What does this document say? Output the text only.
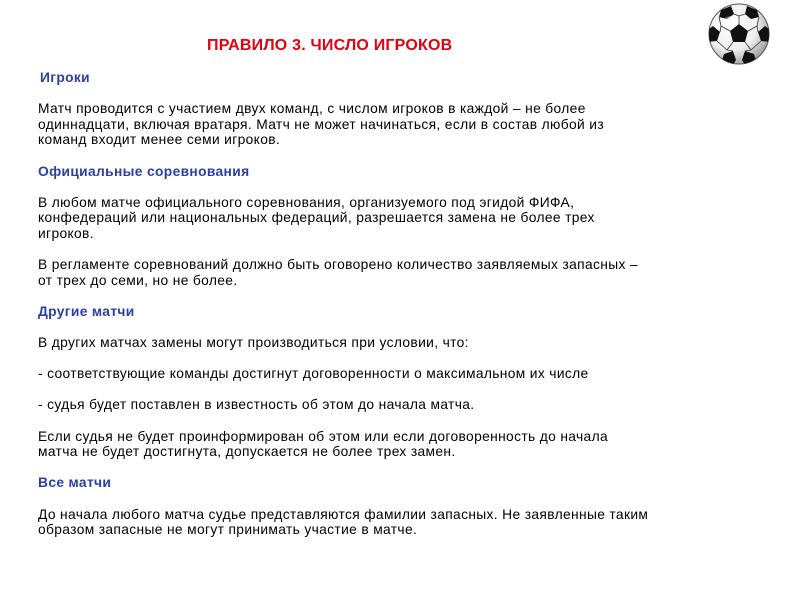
ПРАВИЛО 3. ЧИСЛО ИГРОКОВ

Игроки

Матч проводится с участием двух команд, с числом игроков в каждой – не более
одиннадцати, включая вратаря. Матч не может начинаться, если в состав любой из
команд входит менее семи игроков.

Официальные соревнования

В любом матче официального соревнования, организуемого под эгидой ФИФА,
конфедераций или национальных федераций, разрешается замена не более трех
игроков.

В регламенте соревнований должно быть оговорено количество заявляемых запасных –
от трех до семи, но не более.

Другие матчи

В других матчах замены могут производиться при условии, что:

- соответствующие команды достигнут договоренности о максимальном их числе

- судья будет поставлен в известность об этом до начала матча.

Если судья не будет проинформирован об этом или если договоренность до начала
матча не будет достигнута, допускается не более трех замен.

Все матчи

До начала любого матча судье представляются фамилии запасных. Не заявленные таким
образом запасные не могут принимать участие в матче.
